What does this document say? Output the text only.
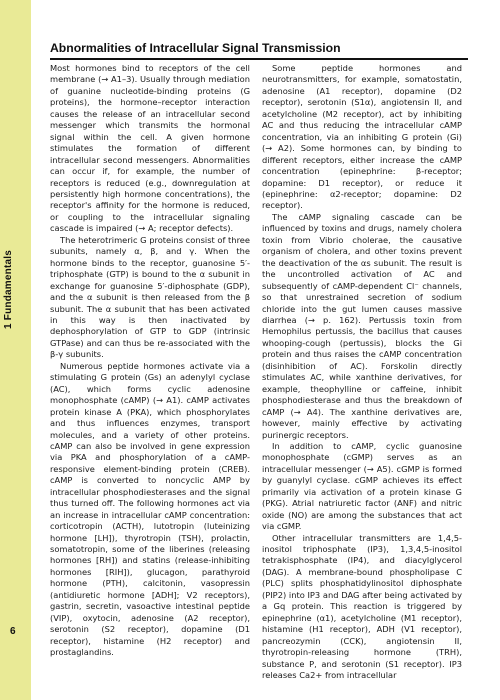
1 Fundamentals
6
Abnormalities of Intracellular Signal Transmission

Most hormones bind to receptors of the cell membrane (→ A1–3). Usually through mediation of guanine nucleotide-binding proteins (G proteins), the hormone–receptor interaction causes the release of an intracellular second messenger which transmits the hormonal signal within the cell. A given hormone stimulates the formation of different intracellular second messengers. Abnormalities can occur if, for example, the number of receptors is reduced (e.g., downregulation at persistently high hormone concentrations), the receptor's affinity for the hormone is reduced, or coupling to the intracellular signaling cascade is impaired (→ A; receptor defects).

The heterotrimeric G proteins consist of three subunits, namely α, β, and γ. When the hormone binds to the receptor, guanosine 5′-triphosphate (GTP) is bound to the α subunit in exchange for guanosine 5′-diphosphate (GDP), and the α subunit is then released from the β subunit. The α subunit that has been activated in this way is then inactivated by dephosphorylation of GTP to GDP (intrinsic GTPase) and can thus be re-associated with the β-γ subunits.

Numerous peptide hormones activate via a stimulating G protein (Gs) an adenylyl cyclase (AC), which forms cyclic adenosine monophosphate (cAMP) (→ A1). cAMP activates protein kinase A (PKA), which phosphorylates and thus influences enzymes, transport molecules, and a variety of other proteins. cAMP can also be involved in gene expression via PKA and phosphorylation of a cAMP-responsive element-binding protein (CREB). cAMP is converted to noncyclic AMP by intracellular phosphodiesterases and the signal thus turned off. The following hormones act via an increase in intracellular cAMP concentration: corticotropin (ACTH), lutotropin (luteinizing hormone [LH]), thyrotropin (TSH), prolactin, somatotropin, some of the liberines (releasing hormones [RH]) and statins (release-inhibiting hormones [RIH]), glucagon, parathyroid hormone (PTH), calcitonin, vasopressin (antidiuretic hormone [ADH]; V2 receptors), gastrin, secretin, vasoactive intestinal peptide (VIP), oxytocin, adenosine (A2 receptor), serotonin (S2 receptor), dopamine (D1 receptor), histamine (H2 receptor) and prostaglandins.

Some peptide hormones and neurotransmitters, for example, somatostatin, adenosine (A1 receptor), dopamine (D2 receptor), serotonin (S1α), angiotensin II, and acetylcholine (M2 receptor), act by inhibiting AC and thus reducing the intracellular cAMP concentration, via an inhibiting G protein (Gi) (→ A2). Some hormones can, by binding to different receptors, either increase the cAMP concentration (epinephrine: β-receptor; dopamine: D1 receptor), or reduce it (epinephrine: α2-receptor; dopamine: D2 receptor).

The cAMP signaling cascade can be influenced by toxins and drugs, namely cholera toxin from Vibrio cholerae, the causative organism of cholera, and other toxins prevent the deactivation of the αs subunit. The result is the uncontrolled activation of AC and subsequently of cAMP-dependent Cl⁻ channels, so that unrestrained secretion of sodium chloride into the gut lumen causes massive diarrhea (→ p. 162). Pertussis toxin from Hemophilus pertussis, the bacillus that causes whooping-cough (pertussis), blocks the Gi protein and thus raises the cAMP concentration (disinhibition of AC). Forskolin directly stimulates AC, while xanthine derivatives, for example, theophylline or caffeine, inhibit phosphodiesterase and thus the breakdown of cAMP (→ A4). The xanthine derivatives are, however, mainly effective by activating purinergic receptors.

In addition to cAMP, cyclic guanosine monophosphate (cGMP) serves as an intracellular messenger (→ A5). cGMP is formed by guanylyl cyclase. cGMP achieves its effect primarily via activation of a protein kinase G (PKG). Atrial natriuretic factor (ANF) and nitric oxide (NO) are among the substances that act via cGMP.

Other intracellular transmitters are 1,4,5-inositol triphosphate (IP3), 1,3,4,5-inositol tetrakisphosphate (IP4), and diacylglycerol (DAG). A membrane-bound phospholipase C (PLC) splits phosphatidylinositol diphosphate (PIP2) into IP3 and DAG after being activated by a Gq protein. This reaction is triggered by epinephrine (α1), acetylcholine (M1 receptor), histamine (H1 receptor), ADH (V1 receptor), pancreozymin (CCK), angiotensin II, thyrotropin-releasing hormone (TRH), substance P, and serotonin (S1 receptor). IP3 releases Ca2+ from intracellular
